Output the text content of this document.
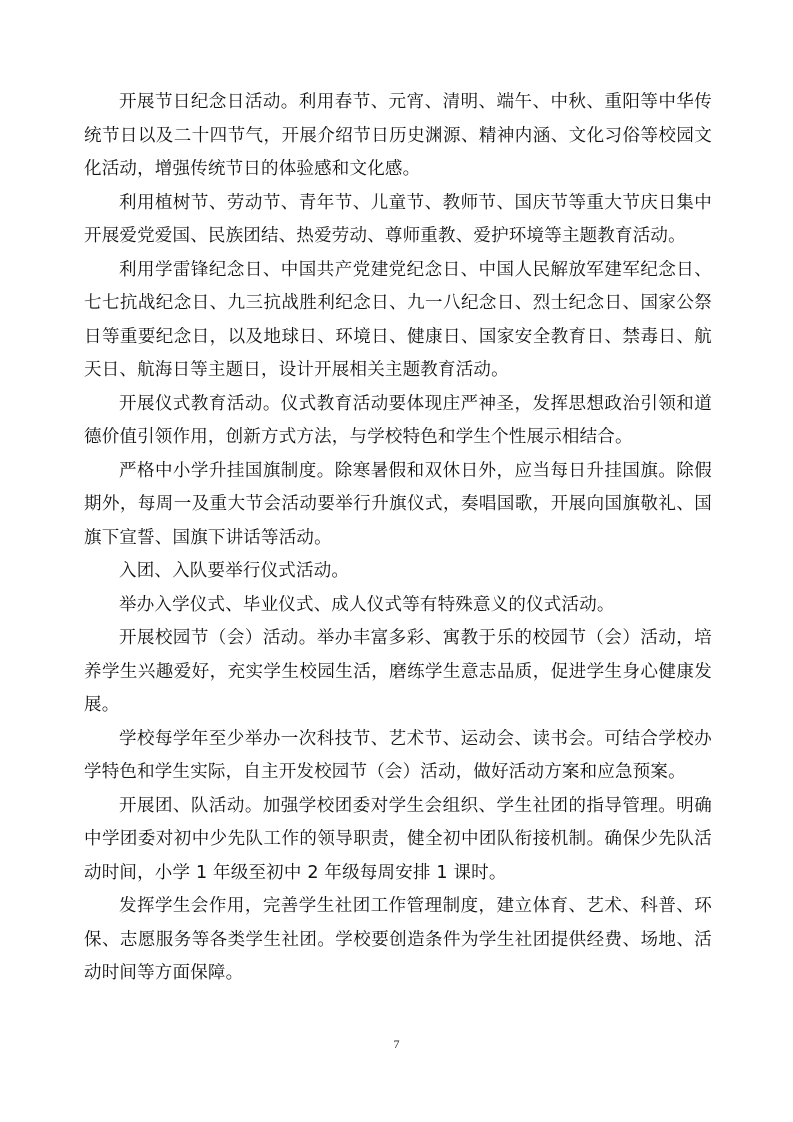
开展节日纪念日活动。利用春节、元宵、清明、端午、中秋、重阳等中华传统节日以及二十四节气，开展介绍节日历史渊源、精神内涵、文化习俗等校园文化活动，增强传统节日的体验感和文化感。

利用植树节、劳动节、青年节、儿童节、教师节、国庆节等重大节庆日集中开展爱党爱国、民族团结、热爱劳动、尊师重教、爱护环境等主题教育活动。

利用学雷锋纪念日、中国共产党建党纪念日、中国人民解放军建军纪念日、七七抗战纪念日、九三抗战胜利纪念日、九一八纪念日、烈士纪念日、国家公祭日等重要纪念日，以及地球日、环境日、健康日、国家安全教育日、禁毒日、航天日、航海日等主题日，设计开展相关主题教育活动。

开展仪式教育活动。仪式教育活动要体现庄严神圣，发挥思想政治引领和道德价值引领作用，创新方式方法，与学校特色和学生个性展示相结合。

严格中小学升挂国旗制度。除寒暑假和双休日外，应当每日升挂国旗。除假期外，每周一及重大节会活动要举行升旗仪式，奏唱国歌，开展向国旗敬礼、国旗下宣誓、国旗下讲话等活动。

入团、入队要举行仪式活动。

举办入学仪式、毕业仪式、成人仪式等有特殊意义的仪式活动。

开展校园节（会）活动。举办丰富多彩、寓教于乐的校园节（会）活动，培养学生兴趣爱好，充实学生校园生活，磨练学生意志品质，促进学生身心健康发展。

学校每学年至少举办一次科技节、艺术节、运动会、读书会。可结合学校办学特色和学生实际，自主开发校园节（会）活动，做好活动方案和应急预案。

开展团、队活动。加强学校团委对学生会组织、学生社团的指导管理。明确中学团委对初中少先队工作的领导职责，健全初中团队衔接机制。确保少先队活动时间，小学 1 年级至初中 2 年级每周安排 1 课时。

发挥学生会作用，完善学生社团工作管理制度，建立体育、艺术、科普、环保、志愿服务等各类学生社团。学校要创造条件为学生社团提供经费、场地、活动时间等方面保障。

7
